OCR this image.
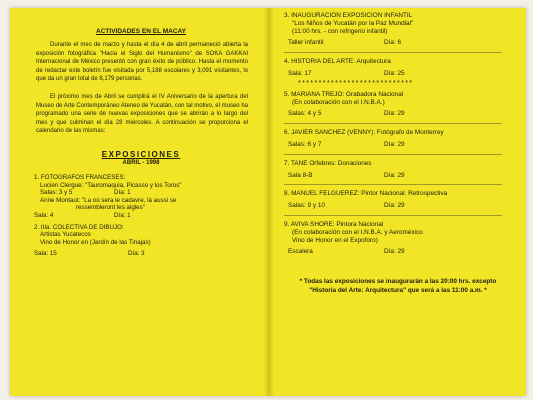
ACTIVIDADES EN EL MACAY

Durante el mes de marzo y hasta el día 4 de abril permaneció abierta la exposición fotográfica "Hacia el Siglo del Humanismo" de SOKA GAKKAI Internacional de México presentó con gran éxito de público. Hasta el momento de redactar este boletín fue visitada por 5,188 escolares y 3,091 visitantes, lo que da un gran total de 8,179 personas.

El próximo mes de Abril se cumplirá el IV Aniversario de la apertura del Museo de Arte Contemporáneo Ateneo de Yucatán, con tal motivo, el museo ha programado una serie de nuevas exposiciones que se abrirán a lo largo del mes y que culminan el día 28 miércoles. A continuación se proporciona el calendario de las mismas:

EXPOSICIONES
ABRIL - 1998
1. FOTOGRAFOS FRANCESES:
Lucien Clergue: "Tauromaquia, Picasso y los Toros"
Salas: 3 y 5	Día: 1
Anne Montaut: "La où sera le cadavre, là aussi se
ressembleront les aigles"
Sala: 4	Día: 1
2. IIIa. COLECTIVA DE DIBUJO:
Artistas Yucatecos
Vino de Honor en (Jardín de las Tinajas)
Sala: 15	Día: 3
3. INAUGURACION EXPOSICION INFANTIL
"Los Niños de Yucatán por la Paz Mundial"
(11:00 hrs. - con refrigerio infantil)
Taller infantil	Día: 6
4. HISTORIA DEL ARTE: Arquitectura
Sala: 17	Día: 25
****************************
5. MARIANA TREJO: Grabadora Nacional
(En colaboración con el I.N.B.A.)
Salas: 4 y 5	Día: 29
6. JAVIER SANCHEZ (VENNY): Fotógrafo de Monterrey
Salas: 6 y 7	Día: 29
7. TANE Orfebres: Donaciones
Sala 8-B	Día: 29
8. MANUEL FELGUEREZ: Pintor Nacional. Retrospectiva
Salas: 9 y 10	Día: 29
9. AVIVA SHORE: Pintora Nacional
(En colaboración con el I.N.B.A. y Aeroméxico
Vino de Honor en el Expoforo)
Escalera	Día: 29
* Todas las exposiciones se inaugurarán a las 20:00 hrs. excepto "Historia del Arte: Arquitectura" que será a las 11:00 a.m. *
